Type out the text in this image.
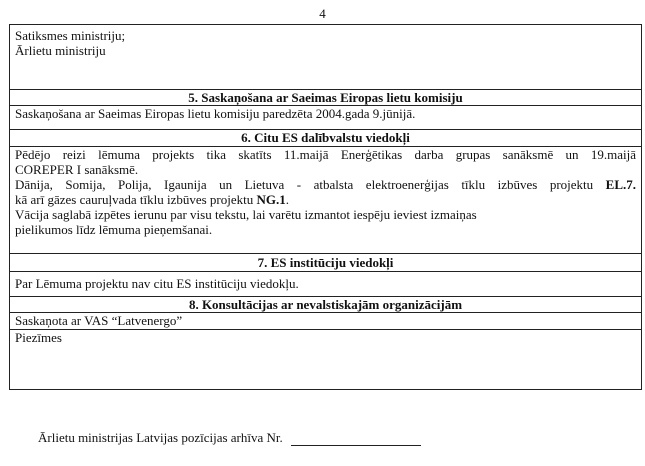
4

Satiksmes ministriju;

Ārlietu ministriju

5. Saskaņošana ar Saeimas Eiropas lietu komisiju
Saskaņošana ar Saeimas Eiropas lietu komisiju paredzēta 2004.gada 9.jūnijā.
6. Citu ES dalībvalstu viedokļi

Pēdējo reizi lēmuma projekts tika skatīts 11.maijā Enerģētikas darba grupas sanāksmē un 19.maijā

COREPER I sanāksmē.

Dānija, Somija, Polija, Igaunija un Lietuva - atbalsta elektroenerģijas tīklu izbūves projektu EL.7.

kā arī gāzes cauruļvada tīklu izbūves projektu NG.1.

Vācija saglabā izpētes ierunu par visu tekstu, lai varētu izmantot iespēju ieviest izmaiņas

pielikumos līdz lēmuma pieņemšanai.

7. ES institūciju viedokļi
Par Lēmuma projektu nav citu ES institūciju viedokļu.
8. Konsultācijas ar nevalstiskajām organizācijām
Saskaņota ar VAS “Latvenergo”

Piezīmes

Ārlietu ministrijas Latvijas pozīcijas arhīva Nr.
